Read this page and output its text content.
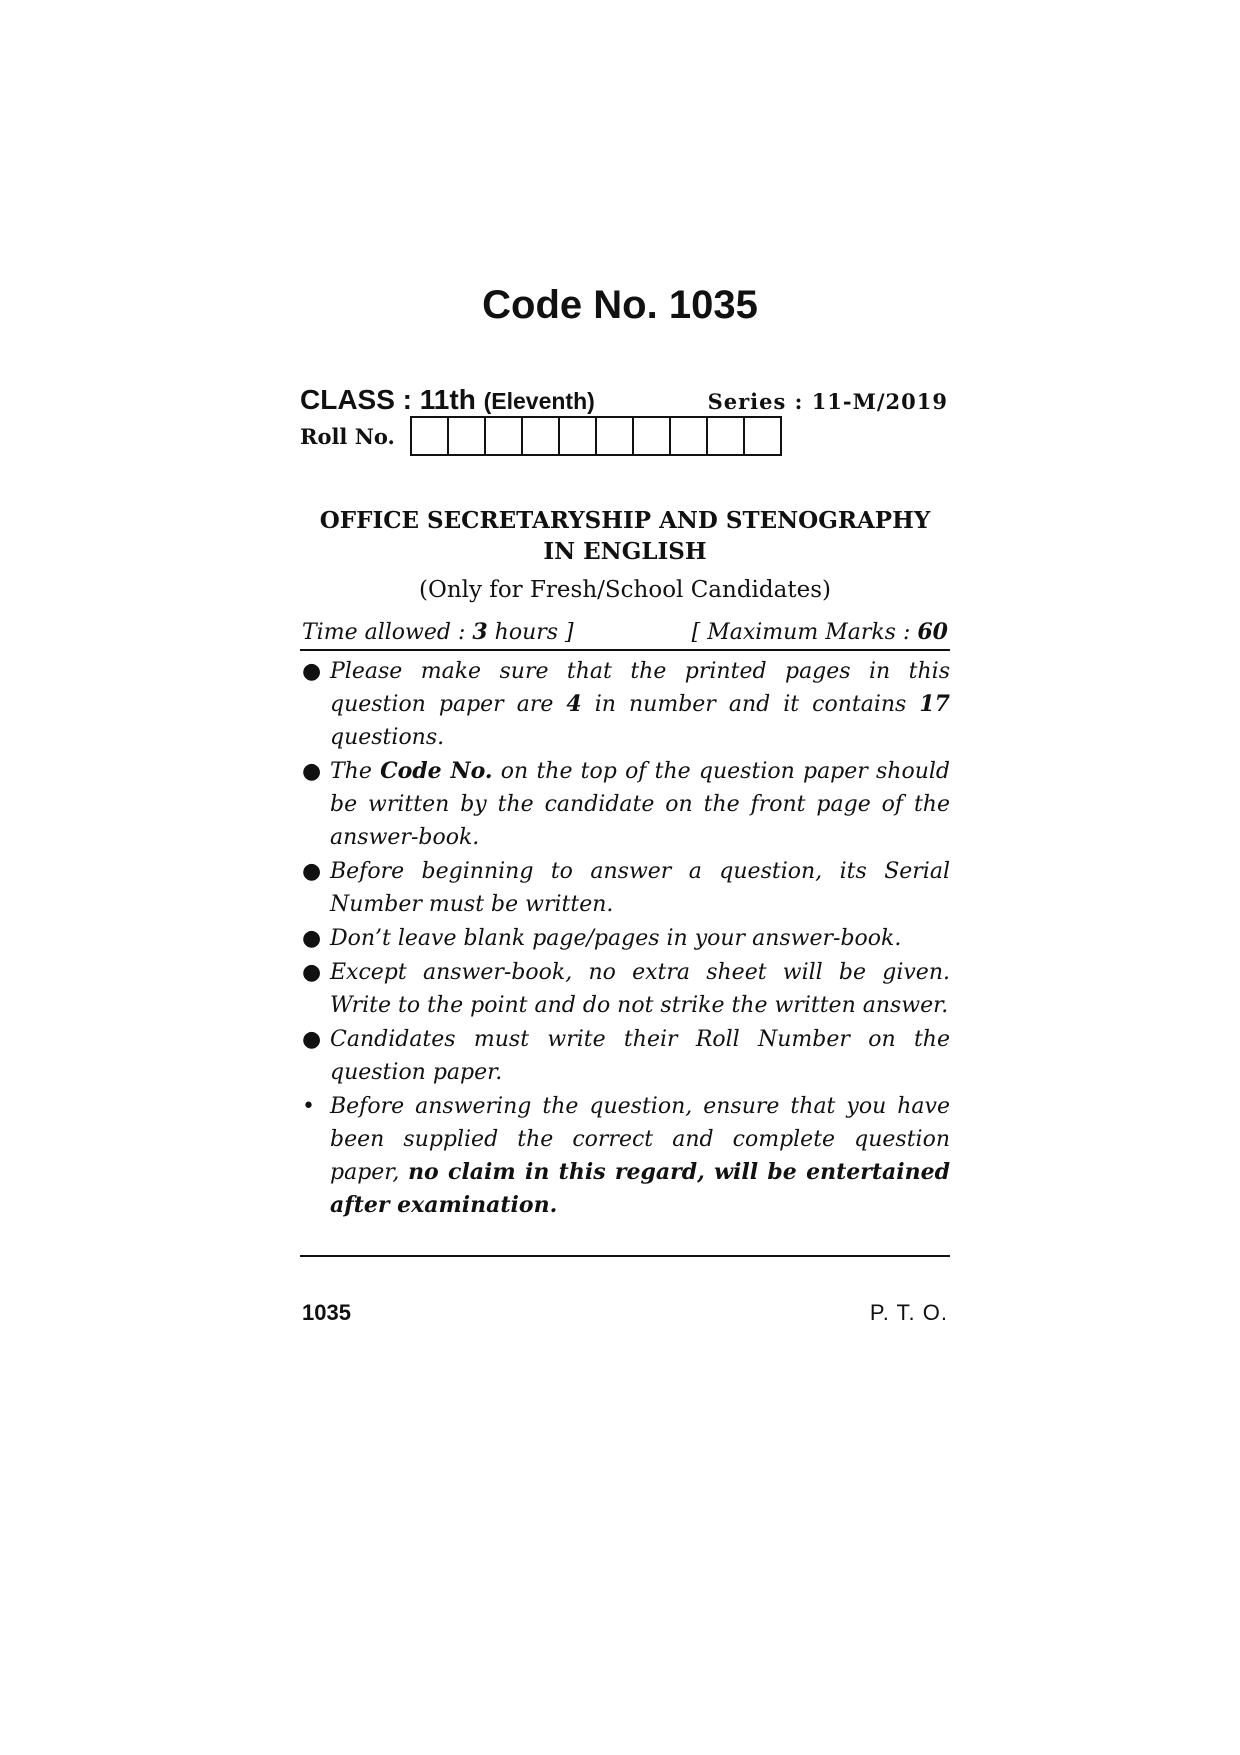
Code No. 1035
CLASS : 11th (Eleventh)	Series : 11-M/2019
Roll No.
OFFICE SECRETARYSHIP AND STENOGRAPHY
IN ENGLISH
(Only for Fresh/School Candidates)
Time allowed : 3 hours ]	[ Maximum Marks : 60
● Please make sure that the printed pages in this question paper are 4 in number and it contains 17 questions.
● The Code No. on the top of the question paper should be written by the candidate on the front page of the answer-book.
● Before beginning to answer a question, its Serial Number must be written.
● Don’t leave blank page/pages in your answer-book.
● Except answer-book, no extra sheet will be given. Write to the point and do not strike the written answer.
● Candidates must write their Roll Number on the question paper.
• Before answering the question, ensure that you have been supplied the correct and complete question paper, no claim in this regard, will be entertained after examination.
1035	P. T. O.
